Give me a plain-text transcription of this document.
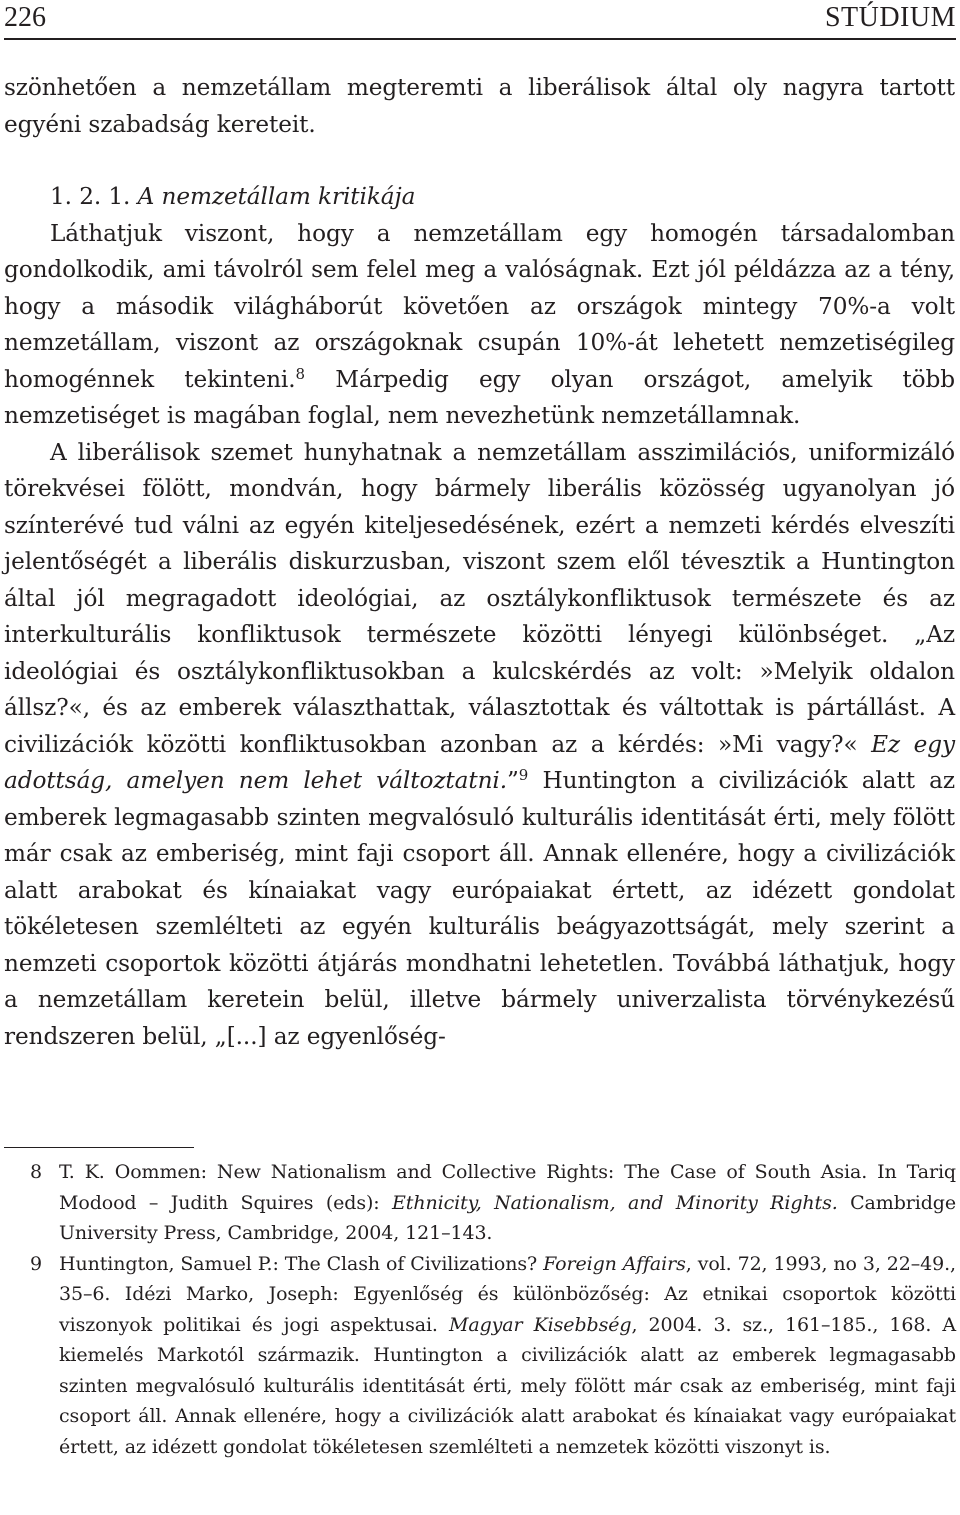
226	STÚDIUM

szönhetően a nemzetállam megteremti a liberálisok által oly nagyra tartott egyéni szabadság kereteit.

1. 2. 1. A nemzetállam kritikája

Láthatjuk viszont, hogy a nemzetállam egy homogén társadalomban gondolkodik, ami távolról sem felel meg a valóságnak. Ezt jól példázza az a tény, hogy a második világháborút követően az országok mintegy 70%-a volt nemzetállam, viszont az országoknak csupán 10%-át lehetett nemzetiségileg homogénnek tekinteni.$^8$ Márpedig egy olyan országot, amelyik több nemzetiséget is magában foglal, nem nevezhetünk nemzetállamnak.

A liberálisok szemet hunyhatnak a nemzetállam asszimilációs, uniformizáló törekvései fölött, mondván, hogy bármely liberális közösség ugyanolyan jó színterévé tud válni az egyén kiteljesedésének, ezért a nemzeti kérdés elveszíti jelentőségét a liberális diskurzusban, viszont szem elől tévesztik a Huntington által jól megragadott ideológiai, az osztálykonfliktusok természete és az interkulturális konfliktusok természete közötti lényegi különbséget. „Az ideológiai és osztálykonfliktusokban a kulcskérdés az volt: »Melyik oldalon állsz?«, és az emberek választhattak, választottak és váltottak is pártállást. A civilizációk közötti konfliktusokban azonban az a kérdés: »Mi vagy?« Ez egy adottság, amelyen nem lehet változtatni.”$^9$ Huntington a civilizációk alatt az emberek legmagasabb szinten megvalósuló kulturális identitását érti, mely fölött már csak az emberiség, mint faji csoport áll. Annak ellenére, hogy a civilizációk alatt arabokat és kínaiakat vagy európaiakat értett, az idézett gondolat tökéletesen szemlélteti az egyén kulturális beágyazottságát, mely szerint a nemzeti csoportok közötti átjárás mondhatni lehetetlen. Továbbá láthatjuk, hogy a nemzetállam keretein belül, illetve bármely univerzalista törvénykezésű rendszeren belül, „[...] az egyenlőség-

8 T. K. Oommen: New Nationalism and Collective Rights: The Case of South Asia. In Tariq Modood – Judith Squires (eds): Ethnicity, Nationalism, and Minority Rights. Cambridge University Press, Cambridge, 2004, 121–143.
9 Huntington, Samuel P.: The Clash of Civilizations? Foreign Affairs, vol. 72, 1993, no 3, 22–49., 35–6. Idézi Marko, Joseph: Egyenlőség és különbözőség: Az etnikai csoportok közötti viszonyok politikai és jogi aspektusai. Magyar Kisebbség, 2004. 3. sz., 161–185., 168. A kiemelés Markotól származik. Huntington a civilizációk alatt az emberek legmagasabb szinten megvalósuló kulturális identitását érti, mely fölött már csak az emberiség, mint faji csoport áll. Annak ellenére, hogy a civilizációk alatt arabokat és kínaiakat vagy európaiakat értett, az idézett gondolat tökéletesen szemlélteti a nemzetek közötti viszonyt is.
